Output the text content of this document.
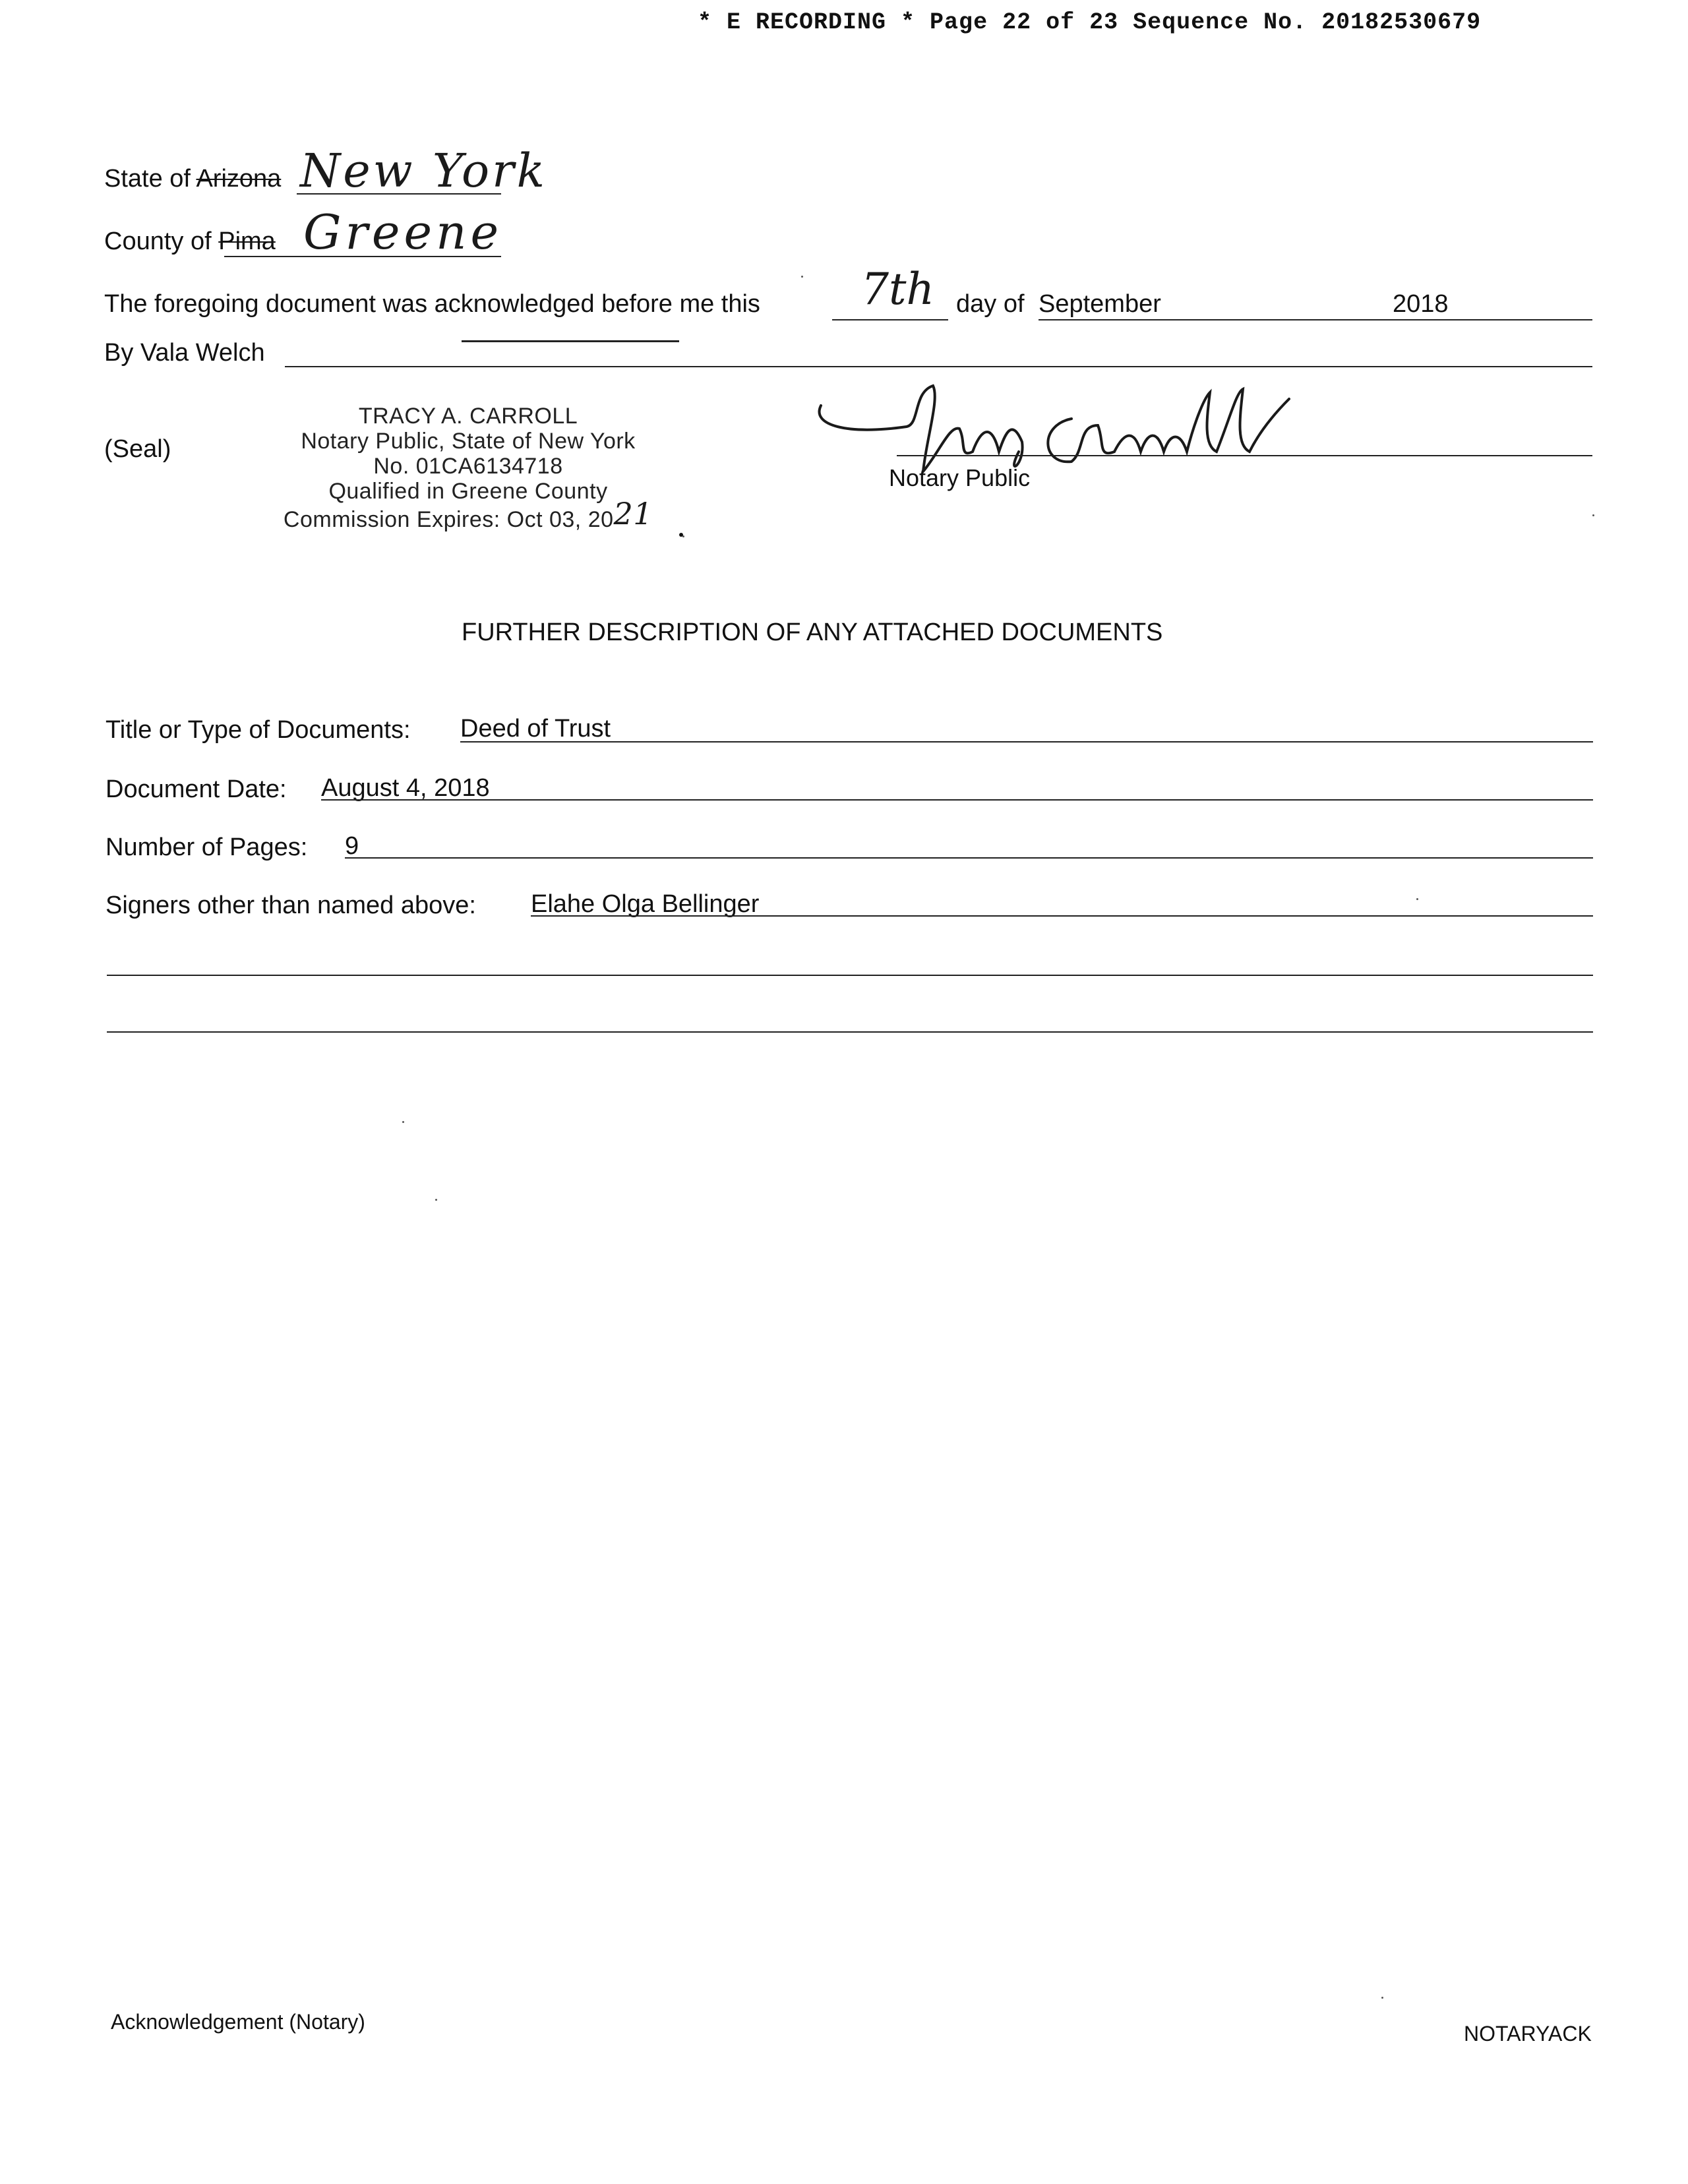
* E RECORDING * Page 22 of 23 Sequence No. 20182530679
State of Arizona New York
County of Pima Greene
The foregoing document was acknowledged before me this 7th day of September	2018
By Vala Welch
(Seal)
TRACY A. CARROLL
Notary Public, State of New York
No. 01CA6134718
Qualified in Greene County
Commission Expires: Oct 03, 2021
Notary Public
FURTHER DESCRIPTION OF ANY ATTACHED DOCUMENTS
Title or Type of Documents: Deed of Trust
Document Date: August 4, 2018
Number of Pages: 9
Signers other than named above: Elahe Olga Bellinger
Acknowledgement (Notary)	NOTARYACK
